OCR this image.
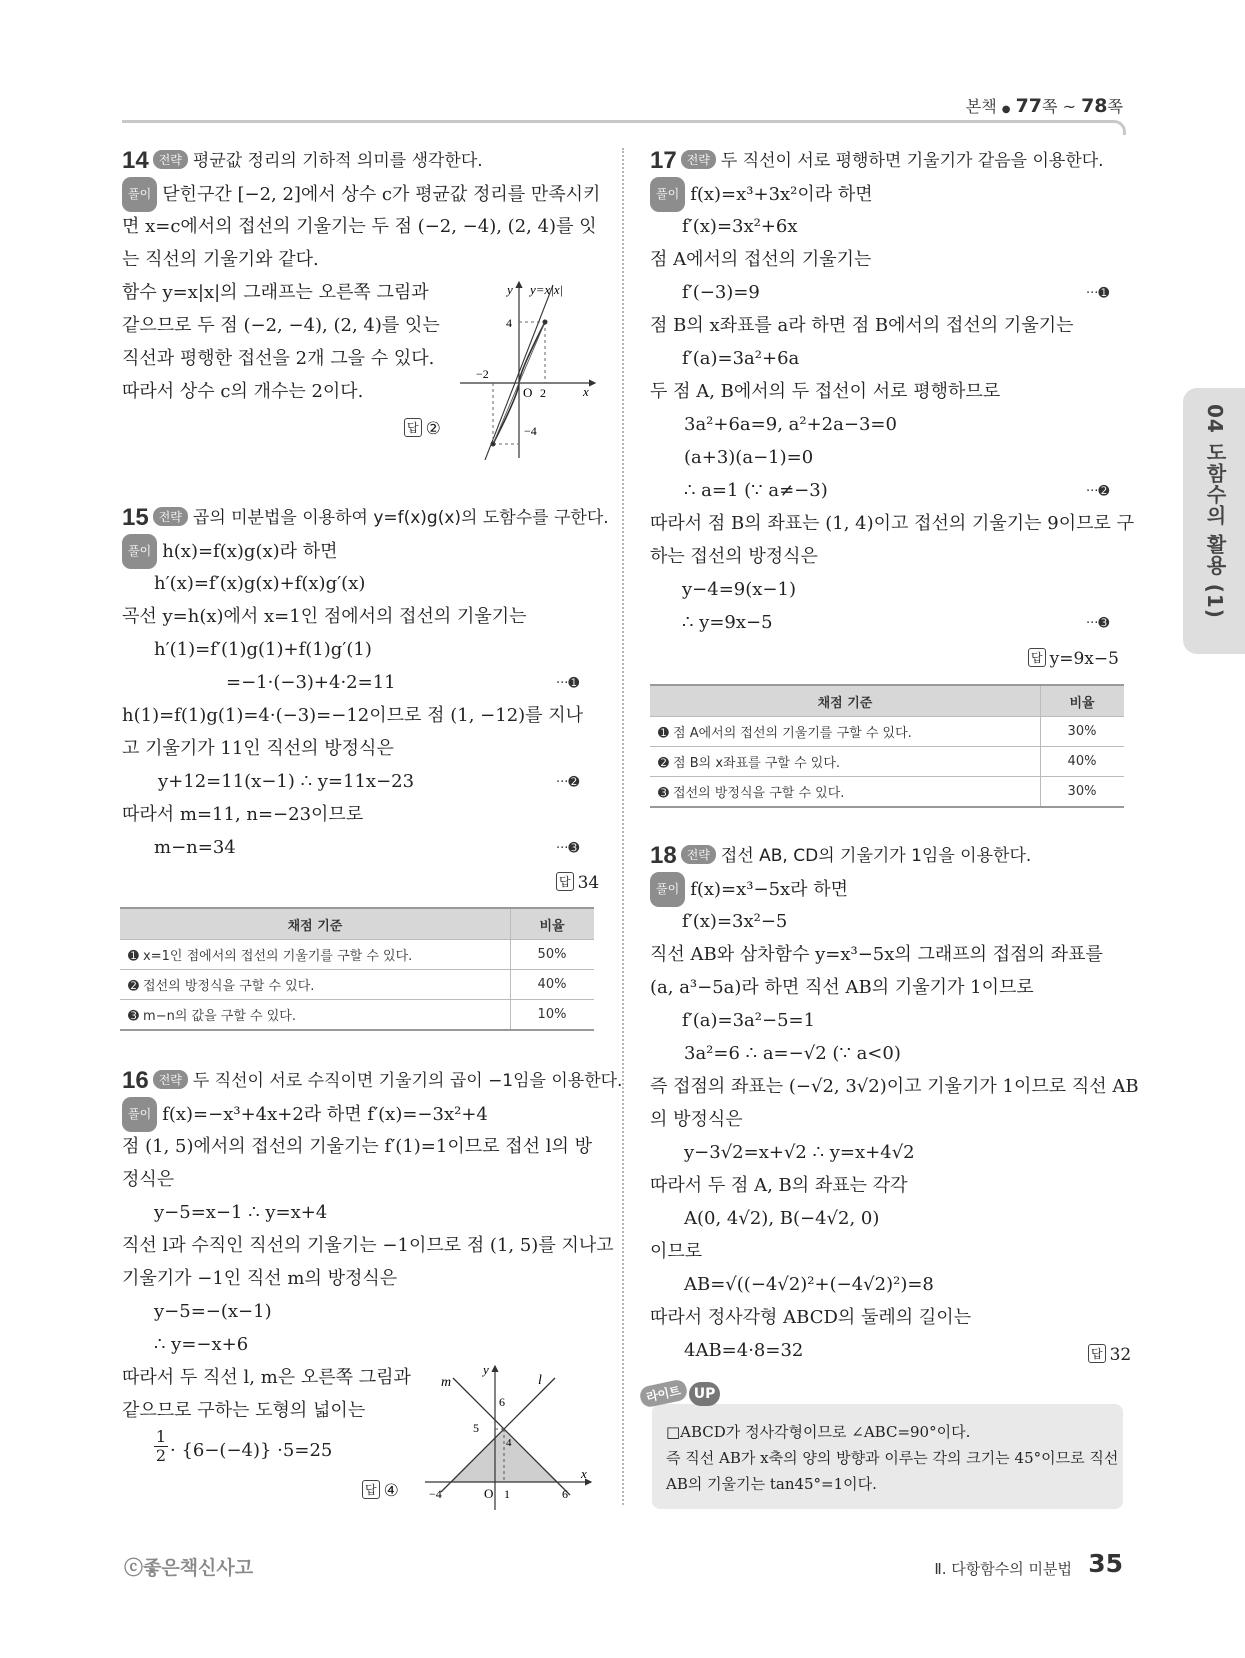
본책 ● 77쪽 ~ 78쪽
04 도함수의 활용 (1)
14 전략 평균값 정리의 기하적 의미를 생각한다.
풀이 닫힌구간 [−2, 2]에서 상수 c가 평균값 정리를 만족시키
면 x=c에서의 접선의 기울기는 두 점 (−2, −4), (2, 4)를 잇
는 직선의 기울기와 같다.
함수 y=x|x|의 그래프는 오른쪽 그림과
같으므로 두 점 (−2, −4), (2, 4)를 잇는
직선과 평행한 접선을 2개 그을 수 있다.
따라서 상수 c의 개수는 2이다.
답 ②
y y=x|x|
x
4
−4
−2
O 2
15 전략 곱의 미분법을 이용하여 y=f(x)g(x)의 도함수를 구한다.
풀이 h(x)=f(x)g(x)라 하면
h′(x)=f′(x)g(x)+f(x)g′(x)
곡선 y=h(x)에서 x=1인 점에서의 접선의 기울기는
h′(1)=f′(1)g(1)+f(1)g′(1)
=−1·(−3)+4·2=11	···➊
h(1)=f(1)g(1)=4·(−3)=−12이므로 점 (1, −12)를 지나
고 기울기가 11인 직선의 방정식은
y+12=11(x−1) ∴ y=11x−23	···➋
따라서 m=11, n=−23이므로
m−n=34	···➌
답 34
채점 기준	비율
➊ x=1인 점에서의 접선의 기울기를 구할 수 있다.	50%
➋ 접선의 방정식을 구할 수 있다.	40%
➌ m−n의 값을 구할 수 있다.	10%
16 전략 두 직선이 서로 수직이면 기울기의 곱이 −1임을 이용한다.
풀이 f(x)=−x³+4x+2라 하면 f′(x)=−3x²+4
점 (1, 5)에서의 접선의 기울기는 f′(1)=1이므로 접선 l의 방
정식은
y−5=x−1 ∴ y=x+4
직선 l과 수직인 직선의 기울기는 −1이므로 점 (1, 5)를 지나고
기울기가 −1인 직선 m의 방정식은
y−5=−(x−1)
∴ y=−x+6
따라서 두 직선 l, m은 오른쪽 그림과
같으므로 구하는 도형의 넓이는
$\frac{1}{2} \cdot \{6-(-4)\} \cdot 5=25$
답 ④
y
x
l
m
5
6
4
−4	O 1	6
17 전략 두 직선이 서로 평행하면 기울기가 같음을 이용한다.
풀이 f(x)=x³+3x²이라 하면
f′(x)=3x²+6x
점 A에서의 접선의 기울기는
f′(−3)=9	···➊
점 B의 x좌표를 a라 하면 점 B에서의 접선의 기울기는
f′(a)=3a²+6a
두 점 A, B에서의 두 접선이 서로 평행하므로
3a²+6a=9, a²+2a−3=0
(a+3)(a−1)=0
∴ a=1 (∵ a≠−3)	···➋
따라서 점 B의 좌표는 (1, 4)이고 접선의 기울기는 9이므로 구
하는 접선의 방정식은
y−4=9(x−1)
∴ y=9x−5	···➌
답 y=9x−5
채점 기준	비율
➊ 점 A에서의 접선의 기울기를 구할 수 있다.	30%
➋ 점 B의 x좌표를 구할 수 있다.	40%
➌ 접선의 방정식을 구할 수 있다.	30%
18 전략 접선 AB, CD의 기울기가 1임을 이용한다.
풀이 f(x)=x³−5x라 하면
f′(x)=3x²−5
직선 AB와 삼차함수 y=x³−5x의 그래프의 접점의 좌표를
(a, a³−5a)라 하면 직선 AB의 기울기가 1이므로
f′(a)=3a²−5=1
3a²=6 ∴ a=−√2 (∵ a<0)
즉 접점의 좌표는 (−√2, 3√2)이고 기울기가 1이므로 직선 AB
의 방정식은
y−3√2=x+√2 ∴ y=x+4√2
따라서 두 점 A, B의 좌표는 각각
A(0, 4√2), B(−4√2, 0)
이므로
AB=√((−4√2)²+(−4√2)²)=8
따라서 정사각형 ABCD의 둘레의 길이는
4AB=4·8=32	답 32
라이트 UP
□ABCD가 정사각형이므로 ∠ABC=90°이다.
즉 직선 AB가 x축의 양의 방향과 이루는 각의 크기는 45°이므로 직선
AB의 기울기는 tan45°=1이다.
ⓒ좋은책신사고	Ⅱ. 다항함수의 미분법 35
